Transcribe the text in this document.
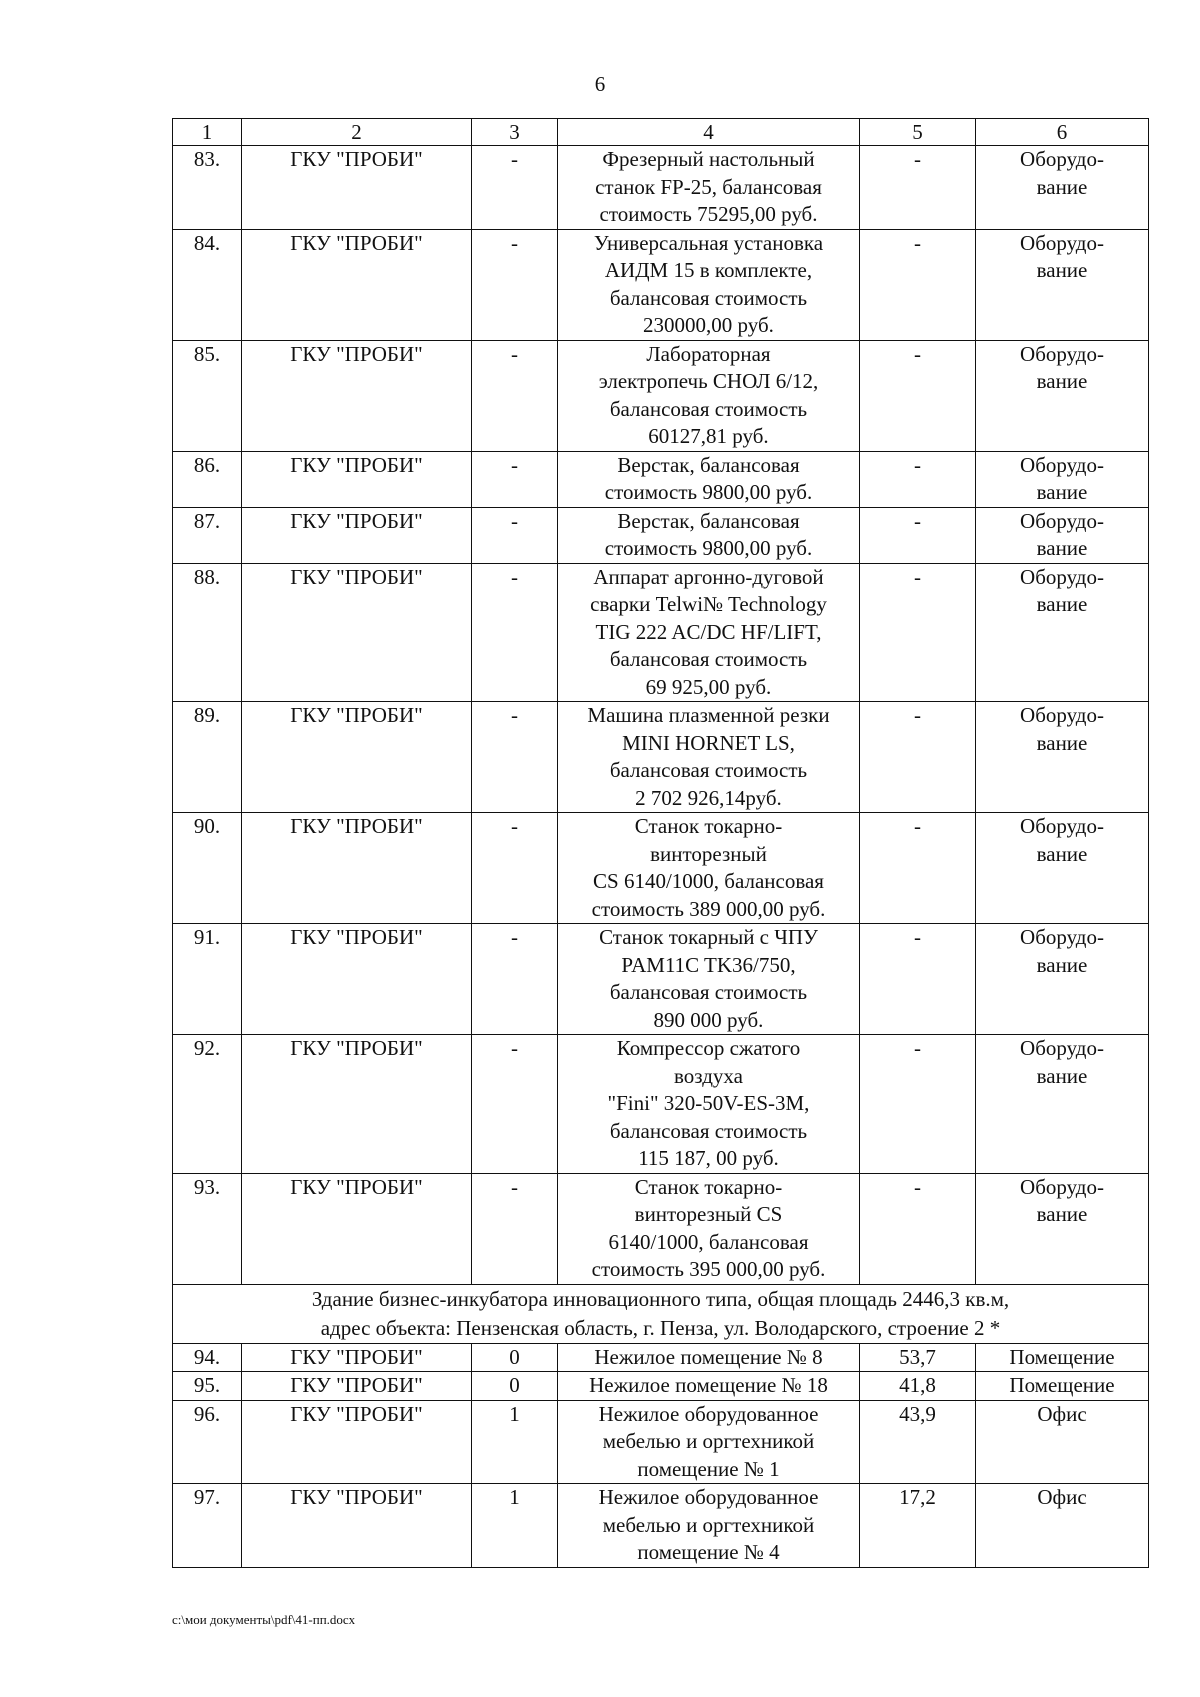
6
1	2	3	4	5	6
83.	ГКУ "ПРОБИ"	-	Фрезерный настольный
станок FP-25, балансовая
стоимость 75295,00 руб.	-	Оборудо-
вание

84.	ГКУ "ПРОБИ"	-	Универсальная установка
АИДМ 15 в комплекте,
балансовая стоимость
230000,00 руб.	-	Оборудо-
вание

85.	ГКУ "ПРОБИ"	-	Лабораторная
электропечь СНОЛ 6/12,
балансовая стоимость
60127,81 руб.	-	Оборудо-
вание

86.	ГКУ "ПРОБИ"	-	Верстак, балансовая
стоимость 9800,00 руб.	-	Оборудо-
вание

87.	ГКУ "ПРОБИ"	-	Верстак, балансовая
стоимость 9800,00 руб.	-	Оборудо-
вание

88.	ГКУ "ПРОБИ"	-	Аппарат аргонно-дуговой
сварки Telwi№ Technology
TIG 222 AC/DC HF/LIFT,
балансовая стоимость
69 925,00 руб.	-	Оборудо-
вание

89.	ГКУ "ПРОБИ"	-	Машина плазменной резки
MINI HORNET LS,
балансовая стоимость
2 702 926,14руб.	-	Оборудо-
вание

90.	ГКУ "ПРОБИ"	-	Станок токарно-
винторезный
CS 6140/1000, балансовая
стоимость 389 000,00 руб.	-	Оборудо-
вание

91.	ГКУ "ПРОБИ"	-	Станок токарный с ЧПУ
PAM11C TK36/750,
балансовая стоимость
890 000 руб.	-	Оборудо-
вание

92.	ГКУ "ПРОБИ"	-	Компрессор сжатого
воздуха
"Fini" 320-50V-ES-3M,
балансовая стоимость
115 187, 00 руб.	-	Оборудо-
вание

93.	ГКУ "ПРОБИ"	-	Станок токарно-
винторезный CS
6140/1000, балансовая
стоимость 395 000,00 руб.	-	Оборудо-
вание

Здание бизнес-инкубатора инновационного типа, общая площадь 2446,3 кв.м,
адрес объекта: Пензенская область, г. Пенза, ул. Володарского, строение 2 *					

94.	ГКУ "ПРОБИ"	0	Нежилое помещение № 8	53,7	Помещение

95.	ГКУ "ПРОБИ"	0	Нежилое помещение № 18	41,8	Помещение

96.	ГКУ "ПРОБИ"	1	Нежилое оборудованное
мебелью и оргтехникой
помещение № 1	43,9	Офис

97.	ГКУ "ПРОБИ"	1	Нежилое оборудованное
мебелью и оргтехникой
помещение № 4	17,2	Офис
c:\мои документы\pdf\41-пп.docx
